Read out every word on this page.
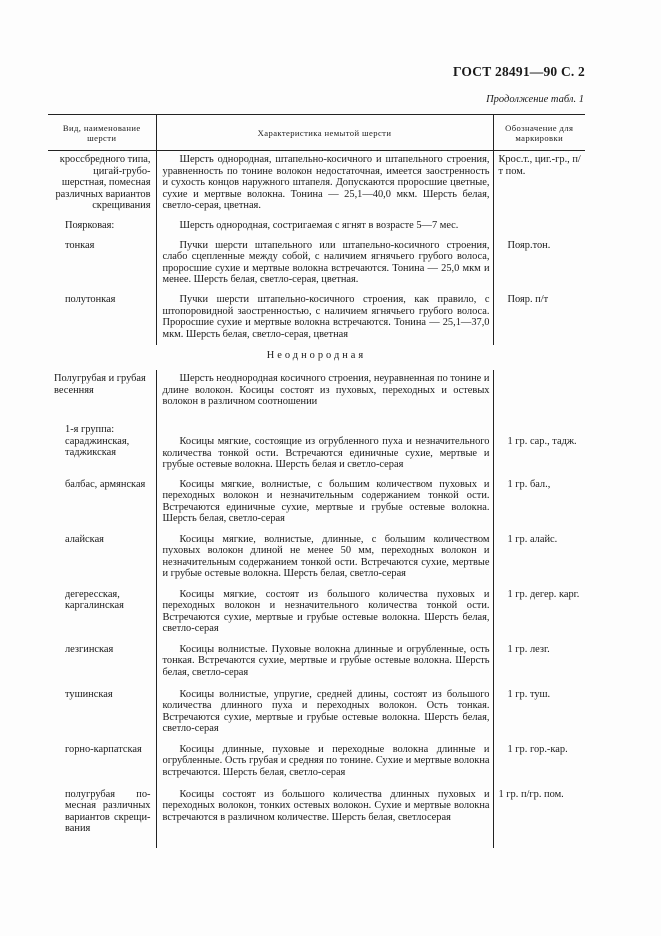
ГОСТ 28491—90 С. 2
Продолжение табл. 1
Вид, наименование шерсти	Характеристика немытой шерсти	Обозначение для маркировки
кроссбредного типа, цигай-грубошерстная, помесная различных вариантов скрещивания	Шерсть однородная, штапельно-косичного и штапельного строения, уравненность по тонине волокон недостаточная, имеется заостренность и сухость концов наружного штапеля. Допускаются проросшие цветные, сухие и мертвые волокна. Тонина — 25,1—40,0 мкм. Шерсть белая, светло-серая, цветная.	Крос.т., циг.-гр., п/т пом.
Поярковая:	Шерсть однородная, состригаемая с ягнят в возрасте 5—7 мес.	
тонкая	Пучки шерсти штапельного или штапельно-косичного строения, слабо сцепленные между собой, с наличием ягнячьего грубого волоса, проросшие сухие и мертвые волокна встречаются. Тонина — 25,0 мкм и менее. Шерсть белая, светло-серая, цветная.	Пояр.тон.
полутонкая	Пучки шерсти штапельно-косичного строения, как правило, с штопоровидной заостренностью, с наличием ягнячьего грубого волоса. Проросшие сухие и мертвые волокна встречаются. Тонина — 25,1—37,0 мкм. Шерсть белая, светло-серая, цветная	Пояр. п/т
Неоднородная		
Полугрубая и грубая весенняя	Шерсть неоднородная косичного строения, неуравненная по тонине и длине волокон. Косицы состоят из пуховых, переходных и остевых волокон в различном соотношении	
1-я группа: сараджинская, таджикская	Косицы мягкие, состоящие из огрубленного пуха и незначительного количества тонкой ости. Встречаются единичные сухие, мертвые и грубые остевые волокна. Шерсть белая и светло-серая	1 гр. сар., тадж.
балбас, армянская	Косицы мягкие, волнистые, с большим количеством пуховых и переходных волокон и незначительным содержанием тонкой ости. Встречаются единичные сухие, мертвые и грубые остевые волокна. Шерсть белая, светло-серая	1 гр. бал.,
алайская	Косицы мягкие, волнистые, длинные, с большим количеством пуховых волокон длиной не менее 50 мм, переходных волокон и незначительным содержанием тонкой ости. Встречаются сухие, мертвые и грубые остевые волокна. Шерсть белая, светло-серая	1 гр. алайс.
дегересская, каргалинская	Косицы мягкие, состоят из большого количества пуховых и переходных волокон и незначительного количества тонкой ости. Встречаются сухие, мертвые и грубые остевые волокна. Шерсть белая, светло-серая	1 гр. дегер. карг.
лезгинская	Косицы волнистые. Пуховые волокна длинные и огрубленные, ость тонкая. Встречаются сухие, мертвые и грубые остевые волокна. Шерсть белая, светло-серая	1 гр. лезг.
тушинская	Косицы волнистые, упругие, средней длины, состоят из большого количества длинного пуха и переходных волокон. Ость тонкая. Встречаются сухие, мертвые и грубые остевые волокна. Шерсть белая, светло-серая	1 гр. туш.
горно-карпатская	Косицы длинные, пуховые и переходные волокна длинные и огрубленные. Ость грубая и средняя по тонине. Сухие и мертвые волокна встречаются. Шерсть белая, светло-серая	1 гр. гор.-кар.
полугрубая помесная различных вариантов скрещивания	Косицы состоят из большого количества длинных пуховых и переходных волокон, тонких остевых волокон. Сухие и мертвые волокна встречаются в различном количестве. Шерсть белая, светлосерая	1 гр. п/гр. пом.
